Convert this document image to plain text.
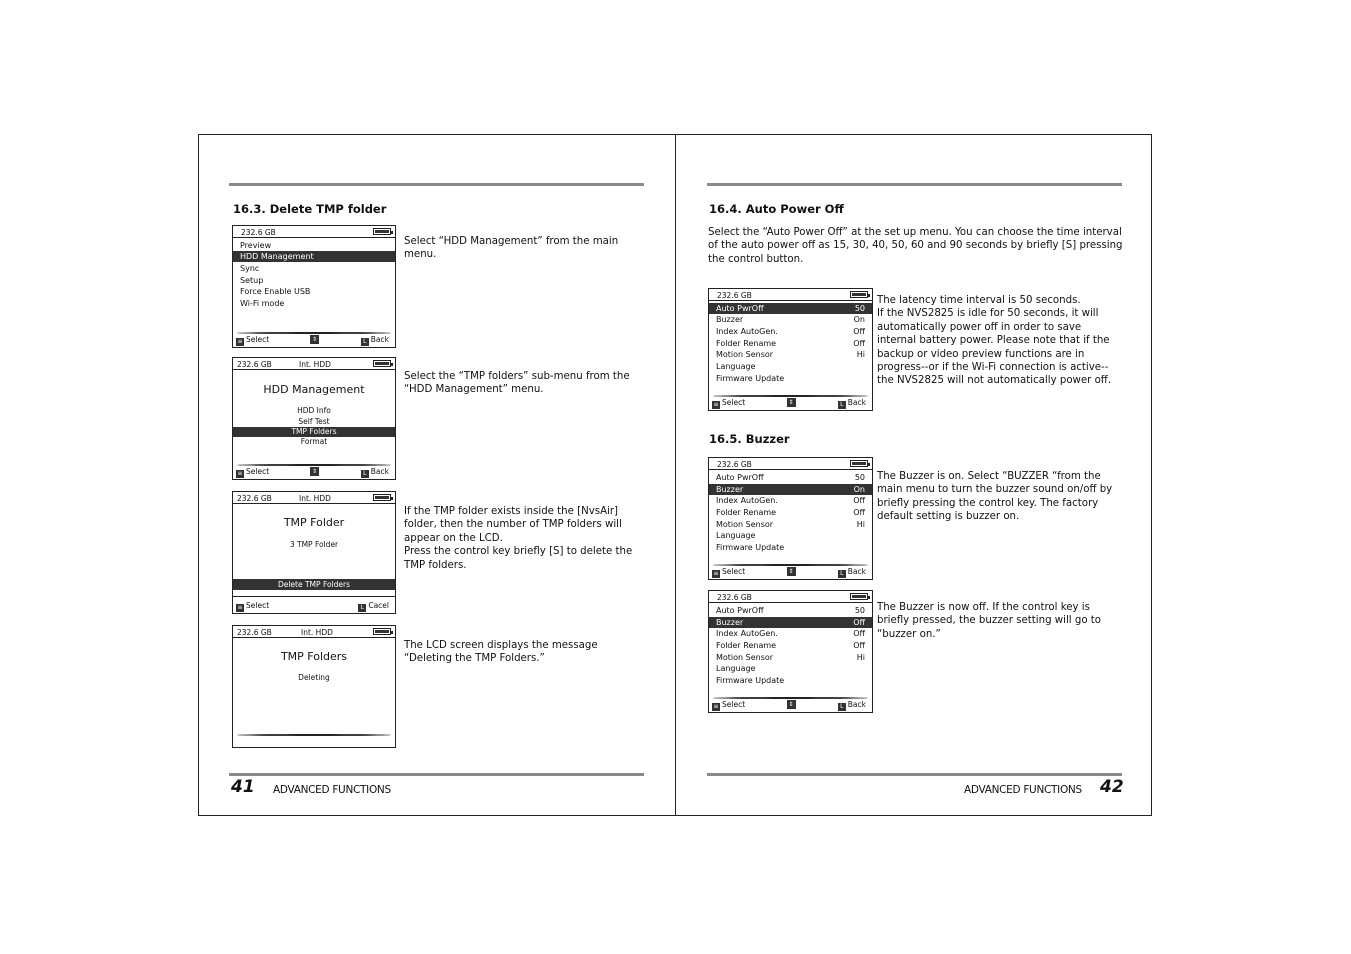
16.3. Delete TMP folder
232.6 GB
Preview
HDD Management
Sync
Setup
Force Enable USB
Wi-Fi mode
≡ Select	⇕	L Back
Select “HDD Management” from the main menu.
232.6 GB	Int. HDD
HDD Management
HDD Info
Self Test
TMP Folders
Format
≡ Select	⇕	L Back
Select the “TMP folders” sub-menu from the “HDD Management” menu.
232.6 GB	Int. HDD
TMP Folder
3 TMP Folder
Delete TMP Folders
≡ Select	L Cacel
If the TMP folder exists inside the [NvsAir] folder, then the number of TMP folders will appear on the LCD.
Press the control key briefly [S] to delete the TMP folders.
232.6 GB	Int. HDD
TMP Folders
Deleting
The LCD screen displays the message “Deleting the TMP Folders.”
41 ADVANCED FUNCTIONS
16.4. Auto Power Off
Select the “Auto Power Off” at the set up menu. You can choose the time interval of the auto power off as 15, 30, 40, 50, 60 and 90 seconds by briefly [S] pressing the control button.
232.6 GB
Auto PwrOff	50
Buzzer	On
Index AutoGen.	Off
Folder Rename	Off
Motion Sensor	Hi
Language
Firmware Update
≡ Select	⇕	L Back
The latency time interval is 50 seconds.
If the NVS2825 is idle for 50 seconds, it will automatically power off in order to save internal battery power. Please note that if the backup or video preview functions are in progress--or if the Wi-Fi connection is active--the NVS2825 will not automatically power off.
16.5. Buzzer
232.6 GB
Auto PwrOff	50
Buzzer	On
Index AutoGen.	Off
Folder Rename	Off
Motion Sensor	Hi
Language
Firmware Update
≡ Select	⇕	L Back
The Buzzer is on. Select “BUZZER “from the main menu to turn the buzzer sound on/off by briefly pressing the control key. The factory default setting is buzzer on.
232.6 GB
Auto PwrOff	50
Buzzer	Off
Index AutoGen.	Off
Folder Rename	Off
Motion Sensor	Hi
Language
Firmware Update
≡ Select	⇕	L Back
The Buzzer is now off. If the control key is briefly pressed, the buzzer setting will go to “buzzer on.”
ADVANCED FUNCTIONS 42
